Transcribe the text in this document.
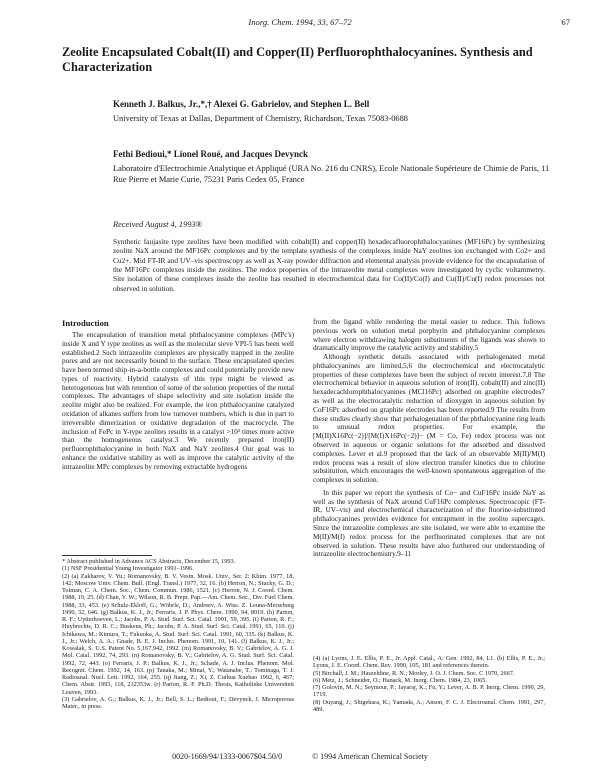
Inorg. Chem. 1994, 33, 67–72	67
Zeolite Encapsulated Cobalt(II) and Copper(II) Perfluorophthalocyanines. Synthesis and Characterization
Kenneth J. Balkus, Jr.,*,† Alexei G. Gabrielov, and Stephen L. Bell
University of Texas at Dallas, Department of Chemistry, Richardson, Texas 75083-0688
Fethi Bedioui,* Lionel Roué, and Jacques Devynck
Laboratoire d'Electrochimie Analytique et Appliqué (URA No. 216 du CNRS), Ecole Nationale Supérieure de Chimie de Paris, 11 Rue Pierre et Marie Curie, 75231 Paris Cedex 05, France
Received August 4, 1993®
Synthetic faujasite type zeolites have been modified with cobalt(II) and copper(II) hexadecafluorophthalocyanines (MF16Pc) by synthesizing zeolite NaX around the MF16Pc complexes and by the template synthesis of the complexes inside NaY zeolites ion exchanged with Co2+ and Cu2+. Mid FT-IR and UV–vis spectroscopy as well as X-ray powder diffraction and elemental analysis provide evidence for the encapsulation of the MF16Pc complexes inside the zeolites. The redox properties of the intrazeolite metal complexes were investigated by cyclic voltammetry. Site isolation of these complexes inside the zeolite has resulted in electrochemical data for Co(II)/Co(I) and Cu(II)/Cu(I) redox processes not observed in solution.
Introduction

The encapsulation of transition metal phthalocyanine complexes (MPc's) inside X and Y type zeolites as well as the molecular sieve VPI-5 has been well established.2 Such intrazeolite complexes are physically trapped in the zeolite pores and are not necessarily bound to the surface. These encapsulated species have been termed ship-in-a-bottle complexes and could potentially provide new types of reactivity. Hybrid catalysts of this type might be viewed as heterogeneous but with retention of some of the solution properties of the metal complexes. The advantages of shape selectivity and site isolation inside the zeolite might also be realized. For example, the iron phthalocyanine catalyzed oxidation of alkanes suffers from low turnover numbers, which is due in part to irreversible dimerization or oxidative degradation of the macrocycle. The inclusion of FePc in Y-type zeolites results in a catalyst >10³ times more active than the homogeneous catalyst.3 We recently prepared iron(II) perfluorophthalocyanine in both NaX and NaY zeolites.4 Our goal was to enhance the oxidative stability as well as improve the catalytic activity of the intrazeolite MPc complexes by removing extractable hydrogens

from the ligand while rendering the metal easier to reduce. This follows previous work on solution metal porphyrin and phthalocyanine complexes where electron withdrawing halogen substituents of the ligands was shown to dramatically improve the catalytic activity and stability.5

Although synthetic details associated with perhalogenated metal phthalocyanines are limited,5,6 the electrochemical and electrocatalytic properties of these complexes have been the subject of recent interest.7,8 The electrochemical behavior in aqueous solution of iron(II), cobalt(II) and zinc(II) hexadecachlorophthalocyanines (MCl16Pc) adsorbed on graphite electrodes7 as well as the electrocatalytic reduction of dioxygen in aqueous solution by CoF16Pc adsorbed on graphite electrodes has been reported.9 The results from these studies clearly show that perhalogenation of the phthalocyanine ring leads to unusual redox properties. For example, the [M(II)X16Pc(−2)]/[M(I)X16Pc(−2)]− (M = Co, Fe) redox process was not observed in aqueous or organic solutions for the adsorbed and dissolved complexes. Lever et al.9 proposed that the lack of an observable M(II)/M(I) redox process was a result of slow electron transfer kinetics due to chlorine substitution, which encourages the well-known spontaneous aggregation of the complexes in solution.

In this paper we report the synthesis of Co− and CuF16Pc inside NaY as well as the synthesis of NaX around CuF16Pc complexes. Spectroscopic (FT-IR, UV–vis) and electrochemical characterization of the fluorine-substituted phthalocyanines provides evidence for entrapment in the zeolite supercages. Since the intrazeolite complexes are site isolated, we were able to examine the M(II)/M(I) redox process for the perfluorinated complexes that are not observed in solution. These results have also furthered our understanding of intrazeolite electrochemistry.9–11

* Abstract published in Advance ACS Abstracts, December 15, 1993.

(1) NSF Presidential Young Investigator 1991–1996.

(2) (a) Zakharov, V. Yu.; Romanovsky, B. V. Vestn. Mosk. Univ., Ser. 2: Khim. 1977, 18, 142; Moscow Univ. Chem. Bull. (Engl. Transl.) 1977, 32, 16. (b) Herron, N.; Stucky, G. D.; Tolman, C. A. Chem. Soc., Chem. Commun. 1986, 1521. (c) Herron, N. J. Coord. Chem. 1988, 19, 25. (d) Chan, Y. W.; Wilson, R. B. Prepr. Pap.—Am. Chem. Soc., Div. Fuel Chem. 1988, 33, 453. (e) Schulz-Ekloff, G.; Wöhrle, D.; Andreev, A. Wiss. Z. Leuna-Merseburg 1990, 32, 646. (g) Balkus, K. J., Jr.; Ferraris, J. P. Phys. Chem. 1990, 94, 8019. (h) Parton, R. F.; Uytterhoeven, L.; Jacobs, P. A. Stud. Surf. Sci. Catal. 1991, 59, 395. (i) Parton, R. F.; Huybrechts, D. R. C.; Buskens, Ph.; Jacobs, P. A. Stud. Surf. Sci. Catal. 1991, 65, 110. (j) Ichikawa, M.; Kimura, T.; Fukuoka, A. Stud. Surf. Sci. Catal. 1991, 60, 335. (k) Balkus, K. J., Jr.; Welch, A. A.; Gnade, B. E. J. Inclus. Phenom. 1991, 10, 141. (l) Balkus, K. J., Jr.; Kowalak, S. U.S. Patent No. 5,167,942, 1992. (m) Romanovsky, B. V.; Gabrielov, A. G. J. Mol. Catal. 1992, 74, 293. (n) Romanovsky, B. V.; Gabrielov, A. G. Stud. Surf. Sci. Catal. 1992, 72, 443. (o) Ferraris, J. P.; Balkus, K. J., Jr.; Schade, A. J. Inclus. Phenom. Mol. Recognit. Chem. 1992, 14, 163. (p) Tanaka, M.; Minai, Y.; Watanabe, T.; Tominaga, T. J. Radioanal. Nucl. Lett. 1992, 164, 255. (q) Jiang, Z.; Xi, Z. Cuihua Xuebao 1992, 6, 467; Chem. Abstr. 1993, 118, 232353w. (r) Parton, R. F. Ph.D. Thesis, Katholieke Universiteit Leuven, 1993.

(3) Gabrielov, A. G.; Balkus, K. J., Jr.; Bell, S. L.; Bedioui, F.; Devynck, J. Microporous Mater., in press.

(4) (a) Lyons, J. E. Ellis, P. E., Jr. Appl. Catal., A: Gen. 1992, 84, L1. (b) Ellis, P. E., Jr.; Lyons, J. E. Coord. Chem. Rev. 1990, 105, 181 and references therein.

(5) Birchall, J. M.; Haszeldine, R. N.; Morley, J. O. J. Chem. Soc. C 1970, 2667.

(6) Metz, J.; Schneider, O.; Hanack, M. Inorg. Chem. 1984, 23, 1065.

(7) Golovin, M. N.; Seymour, P.; Jayaraj, K.; Fu, Y.; Lever, A. B. P. Inorg. Chem. 1990, 29, 1719.

(8) Ouyang, J.; Shigehara, K.; Yamada, A.; Anson, F. C. J. Electroanal. Chem. 1991, 297, 489.

0020-1669/94/1333-0067$04.50/0	© 1994 American Chemical Society
